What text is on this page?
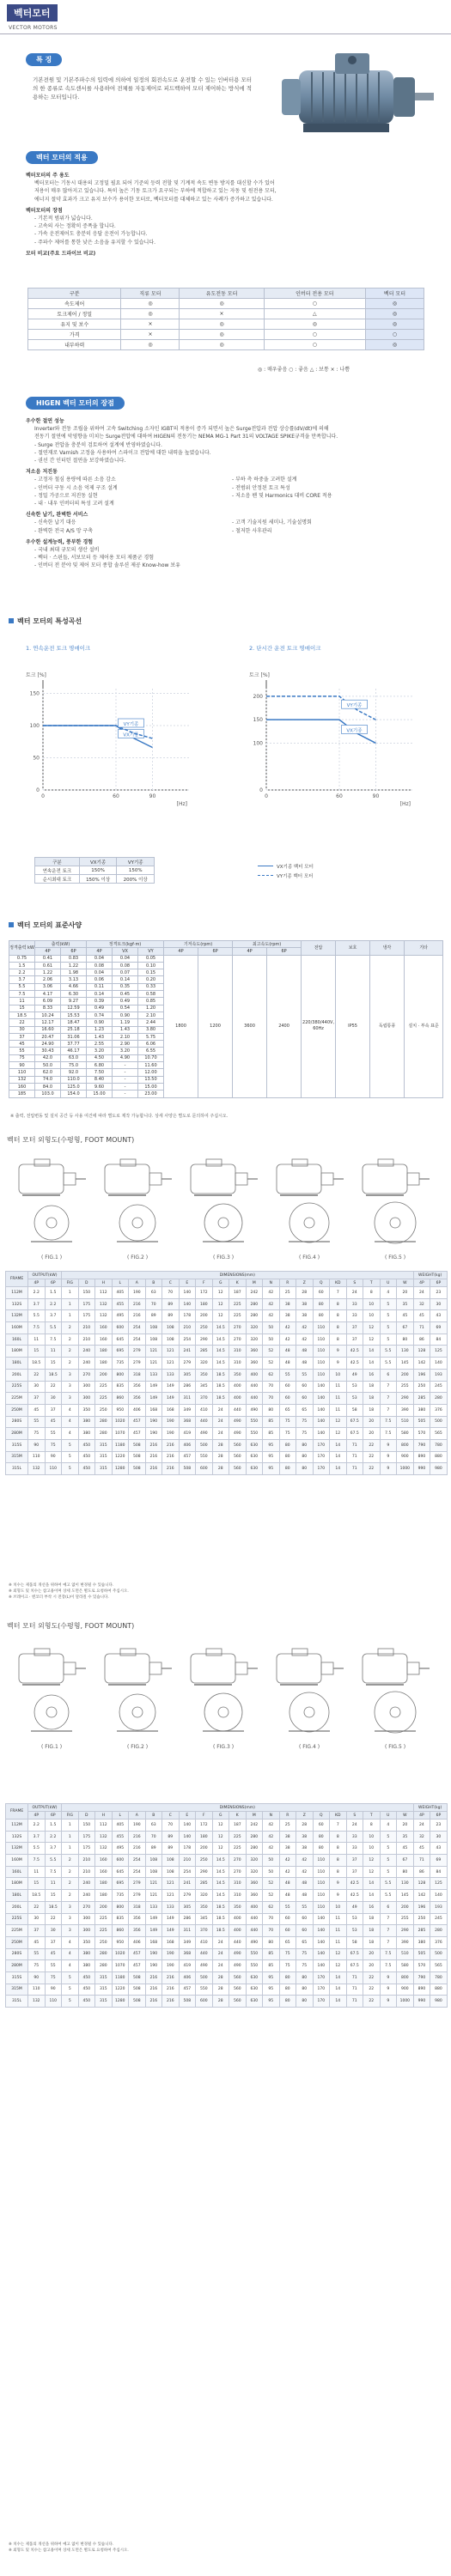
벡터모터
VECTOR MOTORS
특 징
기본전원 및 기본주파수의 입력에 의하여 일정의 회전속도로 운전할 수 있는 인버터용 모터의 한 종류로 속도센서를 사용하여 전체를 자동제어로 피드백하여 모터 제어하는 방식에 적용하는 모터입니다.
벡터 모터의 적용
벡터모터의 주 용도
벡터모터는 기동시 대용의 고정밀 필요 되어 기준의 등력 전할 및 기계적 속도 변동 방지를 대신할 수가 있어
저용이 매우 많아지고 있습니다. 특히 높은 기동 토크가 요구되는 부하에 적합하고 있는 자동 및 원전용 모터,
에너지 절약 효과가 크고 유지 보수가 용이한 모터로, 벡터모터를 대체하고 있는 사례가 증가하고 있습니다.
벡터모터의 장점
- 기본적 범위가 넓습니다.
- 고속의 사는 정확히 증폭을 합니다.
- 가속 운전제어도 충분히 응답 운전이 가능합니다.
- 주파수 제어를 통한 낮은 소음을 유지할 수 있습니다.
모터 비교(주요 드라이브 비교)
구분	직류 모터	유도전동 모터	인버터 전용 모터	벡터 모터
속도제어	◎	◎	○	◎
토크제어 / 정밀	◎	×	△	◎
유지 및 보수	×	◎	◎	◎
가격	×	◎	○	○
내부하력	◎	◎	○	◎
◎ : 매우좋음 ○ : 좋음 △ : 보통 × : 나쁨
HIGEN 벡터 모터의 장점
우수한 절연 성능
Inverter와 전동 조립을 위하여 고속 Switching 소자인 IGBT의 적용이 증가 되면서 높은 Surge전압과 전압 상승률(dV/dt)에 의해
전동기 절연에 악영향을 미치는 Surge전압에 대하여 HIGEN의 전동기는 NEMA MG-1 Part 31의 VOLTAGE SPIKE규격을 만족합니다.
- Surge 전압을 충분히 검토하여 설계에 반영하였습니다.
- 절연재로 Varnish 고정을 사용하여 스파이크 전압에 대한 내력을 높였습니다.
- 권선 간 인터턴 절연을 보강하였습니다.
저소음 저진동
- 고정자 철심 용량에 따른 소음 감소
- 인버터 구동 시 소음 억제 구조 설계
- 정밀 가공으로 저진동 실현
- 내 · 내우 인버터의 특성 고려 설계
- 부하 측 하중을 고려한 설계
- 전범위 안정된 토크 특성
- 저소음 팬 및 Harmonics 대비 CORE 적용
신속한 납기, 완벽한 서비스
- 신속한 납기 대응
- 완벽한 전국 A/S 망 구축
- 고객 기술지원 세미나, 기술설명회
- 철저한 사후관리
우수한 설계능력, 풍부한 경험
- 국내 최대 규모의 생산 설비
- 벡터 · 스핀들, 서보모터 등 제어용 모터 제품군 경험
- 인버터 전 분야 및 제어 모터 종합 솔루션 제공 Know-how 보유
벡터 모터의 특성곡선
1. 연속운전 토크 명매이크	2. 단시간 운전 토크 명매이크
0
50
100
150
0	60	90
토크 [%]
[Hz]
VX기종
VY기종
0
100
150
200
0	60	90
토크 [%]
[Hz]
VX기종
VY기종
구분	VX기종	VY기종
연속운전 토크	150%	150%
순시최대 토크	150% 이상	200% 이상
VX기종 벡터 모터
VY기종 벡터 모터
벡터 모터의 표준사양
정격출력 kW	출력(kW)		정격토크(kgf·m)			기저속도(rpm)		최고속도(rpm)		전압	보호	냉각	기타
	4P	6P	4P	VX	VY	4P	6P	4P	6P				
0.75	0.41	0.83	0.04	0.04	0.05	1800	1200	3600	2400	220/380/440V, 60Hz	IP55	독립통풍	설치 · 부속 표준
1.5	0.61	1.22	0.08	0.08	0.10								
2.2	1.22	1.98	0.04	0.07	0.15								
3.7	2.06	3.13	0.06	0.14	0.20								
5.5	3.06	4.66	0.11	0.35	0.33								
7.5	4.17	6.30	0.14	0.45	0.58								
11	6.09	9.27	0.39	0.49	0.85								
15	8.33	12.59	0.49	0.54	1.20								
18.5	10.24	15.53	0.74	0.90	2.10								
22	12.17	18.47	0.90	1.19	2.44								
30	16.60	25.18	1.23	1.43	3.80								
37	20.47	31.06	1.43	2.10	5.75								
45	24.90	37.77	2.55	2.90	6.06								
55	30.43	46.17	3.20	3.20	6.55								
75	42.0	63.0	4.50	4.90	10.70								
90	50.0	75.0	6.80	-	11.60								
110	62.0	92.0	7.50	-	12.00								
132	74.0	110.0	8.40	-	13.50								
160	84.0	125.0	9.60	-	15.00								
185	103.0	154.0	15.00	-	23.00								
※ 출력, 전압변동 및 설치 공간 등 사용 여건에 따라 별도로 제작 가능합니다. 상세 사양은 별도로 문의하여 주십시오.
벡터 모터 외형도(수평형, FOOT MOUNT)
( FIG.1 )	( FIG.2 )	( FIG.3 )	( FIG.4 )	( FIG.5 )
FRAME	OUTPUT(kW)		DIMENSIONS(mm)																					WEIGHT(kg)	
	4P	6P	FIG	D	H	L	A	B	C	E	F	G	K	M	N	R	Z	Q	KD	S	T	U	W	4P	6P
112M	2.2	1.5	1	150	112	405	190	63	70	140	172	12	187	242	42	25	28	60	7	24	8	4	20	24	23
132S	3.7	2.2	1	175	132	455	216	70	89	140	180	12	225	280	42	38	38	80	8	33	10	5	35	32	30
132M	5.5	3.7	1	175	132	495	216	89	89	178	200	12	225	280	42	38	38	80	8	33	10	5	45	45	43
160M	7.5	5.5	2	210	160	600	254	108	108	210	250	14.5	270	320	50	42	42	110	8	37	12	5	67	71	69
160L	11	7.5	2	210	160	645	254	108	108	254	290	14.5	270	320	50	42	42	110	8	37	12	5	80	86	84
180M	15	11	2	240	180	695	279	121	121	241	285	14.5	310	360	52	48	48	110	9	42.5	14	5.5	130	128	125
180L	18.5	15	2	240	180	735	279	121	121	279	320	14.5	310	360	52	48	48	110	9	42.5	14	5.5	145	142	140
200L	22	18.5	3	270	200	800	318	133	133	305	350	18.5	350	400	62	55	55	110	10	49	16	6	200	196	193
225S	30	22	3	300	225	835	356	149	149	286	345	18.5	400	440	70	60	60	140	11	53	18	7	255	250	245
225M	37	30	3	300	225	860	356	149	149	311	370	18.5	400	440	70	60	60	140	11	53	18	7	290	285	280
250M	45	37	4	350	250	950	406	168	168	349	410	24	440	490	80	65	65	140	11	58	18	7	390	380	376
280S	55	45	4	380	280	1020	457	190	190	368	440	24	490	550	85	75	75	140	12	67.5	20	7.5	510	505	500
280M	75	55	4	380	280	1070	457	190	190	419	490	24	490	550	85	75	75	140	12	67.5	20	7.5	580	570	565
315S	90	75	5	450	315	1180	508	216	216	406	500	28	560	630	95	80	80	170	14	71	22	9	800	790	780
315M	110	90	5	450	315	1220	508	216	216	457	550	28	560	630	95	80	80	170	14	71	22	9	900	890	880
315L	132	110	5	450	315	1280	508	216	216	508	600	28	560	630	95	80	80	170	14	71	22	9	1000	990	980
※ 치수는 제품의 개선을 위하여 예고 없이 변경될 수 있습니다.
※ 외형도 및 치수는 참고용이며 상세 도면은 별도로 요청하여 주십시오.
※ 브레이크 · 엔코더 부착 시 전장(L)이 달라질 수 있습니다.
벡터 모터 외형도(수평형, FOOT MOUNT)
( FIG.1 )	( FIG.2 )	( FIG.3 )	( FIG.4 )	( FIG.5 )
FRAME	OUTPUT(kW)		DIMENSIONS(mm)																					WEIGHT(kg)	
	4P	6P	FIG	D	H	L	A	B	C	E	F	G	K	M	N	R	Z	Q	KD	S	T	U	W	4P	6P
112M	2.2	1.5	1	150	112	405	190	63	70	140	172	12	187	242	42	25	28	60	7	24	8	4	20	24	23
132S	3.7	2.2	1	175	132	455	216	70	89	140	180	12	225	280	42	38	38	80	8	33	10	5	35	32	30
132M	5.5	3.7	1	175	132	495	216	89	89	178	200	12	225	280	42	38	38	80	8	33	10	5	45	45	43
160M	7.5	5.5	2	210	160	600	254	108	108	210	250	14.5	270	320	50	42	42	110	8	37	12	5	67	71	69
160L	11	7.5	2	210	160	645	254	108	108	254	290	14.5	270	320	50	42	42	110	8	37	12	5	80	86	84
180M	15	11	2	240	180	695	279	121	121	241	285	14.5	310	360	52	48	48	110	9	42.5	14	5.5	130	128	125
180L	18.5	15	2	240	180	735	279	121	121	279	320	14.5	310	360	52	48	48	110	9	42.5	14	5.5	145	142	140
200L	22	18.5	3	270	200	800	318	133	133	305	350	18.5	350	400	62	55	55	110	10	49	16	6	200	196	193
225S	30	22	3	300	225	835	356	149	149	286	345	18.5	400	440	70	60	60	140	11	53	18	7	255	250	245
225M	37	30	3	300	225	860	356	149	149	311	370	18.5	400	440	70	60	60	140	11	53	18	7	290	285	280
250M	45	37	4	350	250	950	406	168	168	349	410	24	440	490	80	65	65	140	11	58	18	7	390	380	376
280S	55	45	4	380	280	1020	457	190	190	368	440	24	490	550	85	75	75	140	12	67.5	20	7.5	510	505	500
280M	75	55	4	380	280	1070	457	190	190	419	490	24	490	550	85	75	75	140	12	67.5	20	7.5	580	570	565
315S	90	75	5	450	315	1180	508	216	216	406	500	28	560	630	95	80	80	170	14	71	22	9	800	790	780
315M	110	90	5	450	315	1220	508	216	216	457	550	28	560	630	95	80	80	170	14	71	22	9	900	890	880
315L	132	110	5	450	315	1280	508	216	216	508	600	28	560	630	95	80	80	170	14	71	22	9	1000	990	980
※ 치수는 제품의 개선을 위하여 예고 없이 변경될 수 있습니다.
※ 외형도 및 치수는 참고용이며 상세 도면은 별도로 요청하여 주십시오.
